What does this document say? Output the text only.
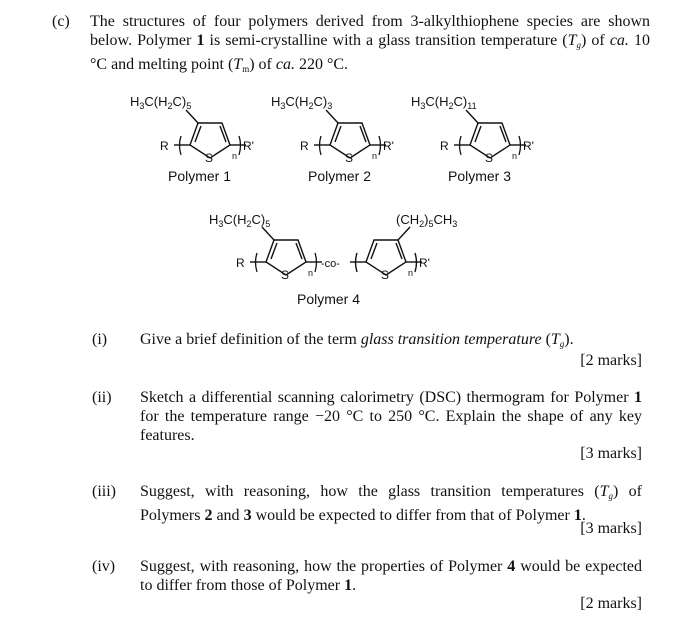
(c) The structures of four polymers derived from 3-alkylthiophene species are shown below. Polymer 1 is semi-crystalline with a glass transition temperature $(T_g)$ of ca. 10 °C and melting point $(T_m)$ of ca. 220 °C.
$H_3C(H_2C)_5$	$H_3C(H_2C)_3$	$H_3C(H_2C)_{11}$
$H_3C(H_2C)_5$	$(CH_2)_5CH_3$
R
S
R'
n
R
S
R'
n
R
S
R'
n
R
S n
-co-
S
R'
n
Polymer 1	Polymer 2	Polymer 3
Polymer 4
(i) Give a brief definition of the term glass transition temperature $(T_g)$.
[2 marks]
(ii) Sketch a differential scanning calorimetry (DSC) thermogram for Polymer 1 for the temperature range −20 °C to 250 °C. Explain the shape of any key features.
[3 marks]
(iii) Suggest, with reasoning, how the glass transition temperatures $(T_g)$ of Polymers 2 and 3 would be expected to differ from that of Polymer 1.
[3 marks]
(iv) Suggest, with reasoning, how the properties of Polymer 4 would be expected to differ from those of Polymer 1.
[2 marks]
